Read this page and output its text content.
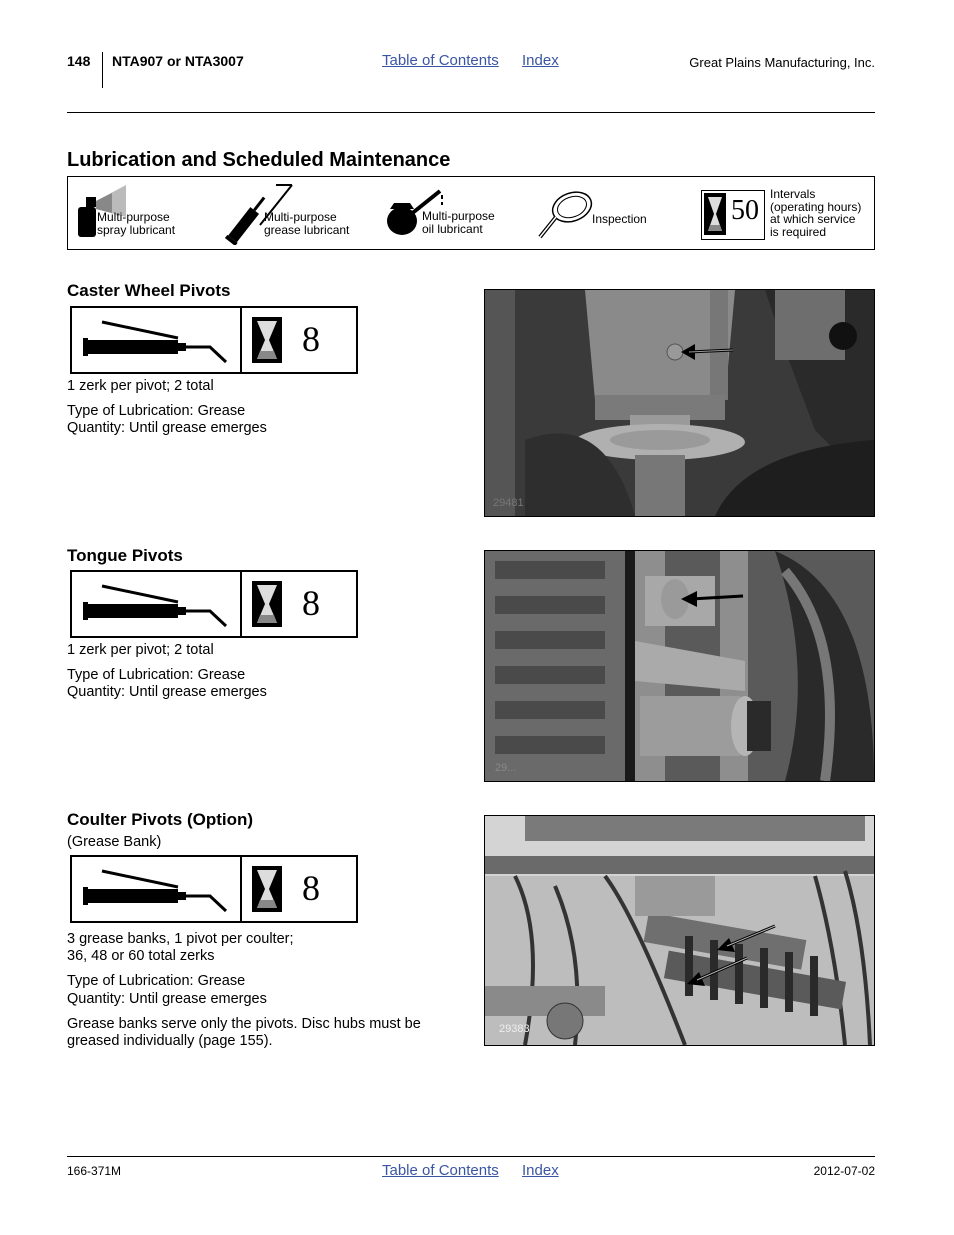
148 NTA907 or NTA3007	Table of Contents Index	Great Plains Manufacturing, Inc.
Lubrication and Scheduled Maintenance
Multi-purpose
spray lubricant
Multi-purpose
grease lubricant
Multi-purpose
oil lubricant
Inspection	50
Intervals
(operating hours)
at which service
is required
Caster Wheel Pivots
8
1 zerk per pivot; 2 total
Type of Lubrication: Grease
Quantity: Until grease emerges
29481
Tongue Pivots
8
1 zerk per pivot; 2 total
Type of Lubrication: Grease
Quantity: Until grease emerges
29...
Coulter Pivots (Option)
(Grease Bank)
8
3 grease banks, 1 pivot per coulter;
36, 48 or 60 total zerks
Type of Lubrication: Grease
Quantity: Until grease emerges
Grease banks serve only the pivots. Disc hubs must be
greased individually (page 155).
29383
166-371M	Table of Contents Index	2012-07-02
